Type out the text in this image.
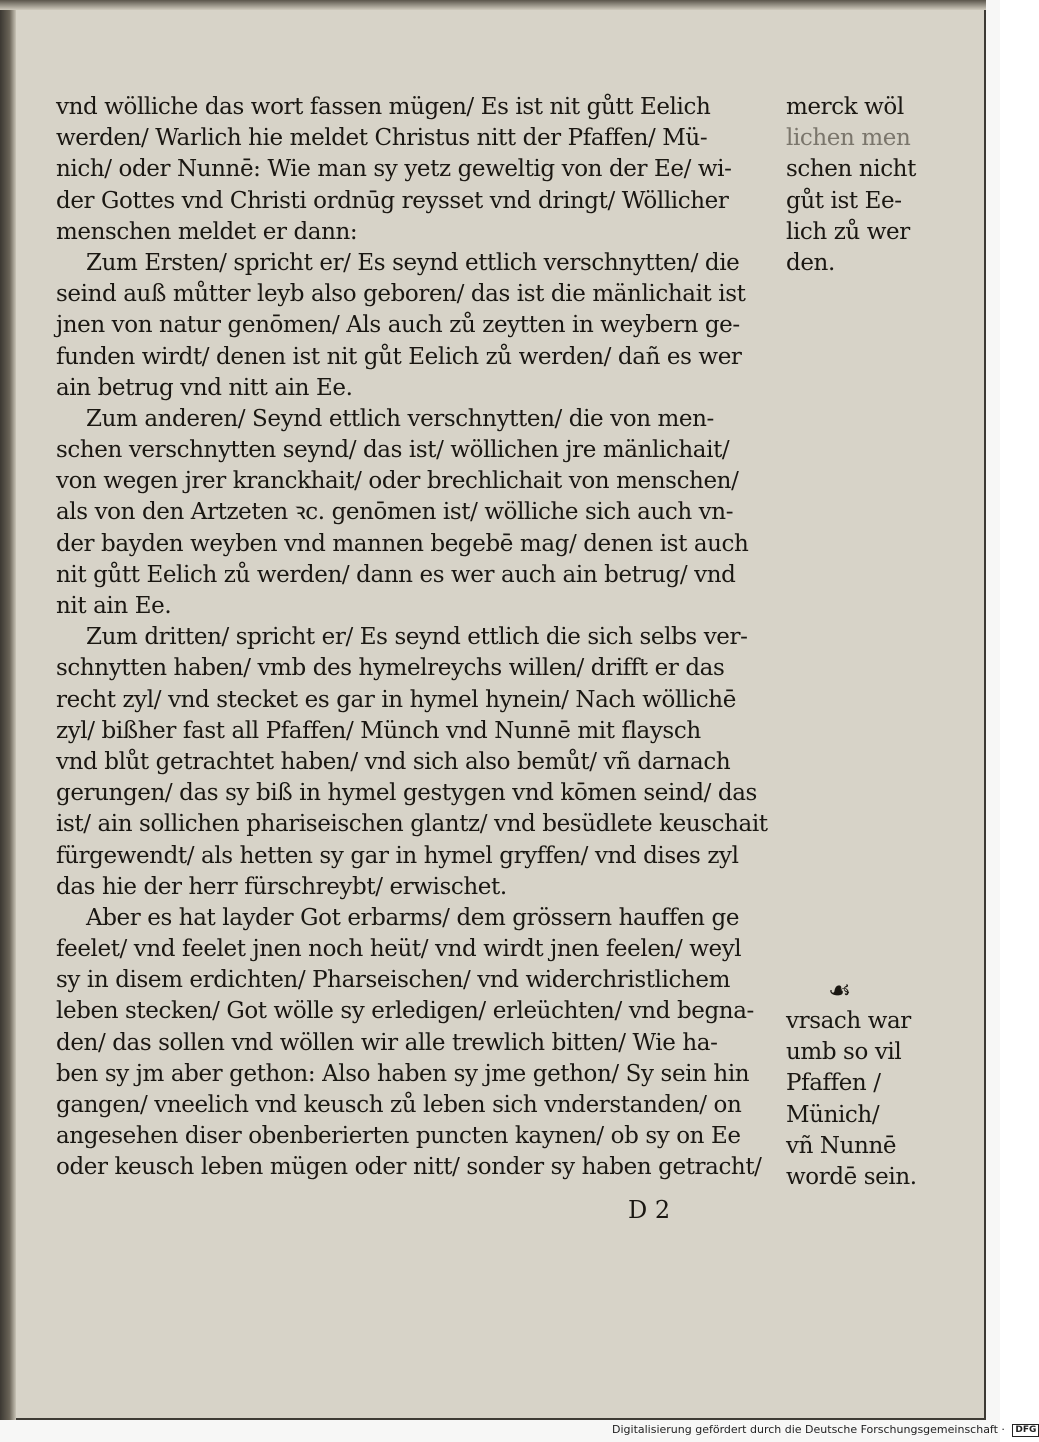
vnd wölliche das wort fassen mügen/ Es ist nit gůtt Eelich
werden/ Warlich hie meldet Christus nitt der Pfaffen/ Mü-
nich/ oder Nunnē: Wie man sy yetz geweltig von der Ee/ wi-
der Gottes vnd Christi ordnūg reysset vnd dringt/ Wöllicher
menschen meldet er dann:
Zum Ersten/ spricht er/ Es seynd ettlich verschnytten/ die
seind auß můtter leyb also geboren/ das ist die mänlichait ist
jnen von natur genōmen/ Als auch zů zeytten in weybern ge-
funden wirdt/ denen ist nit gůt Eelich zů werden/ dañ es wer
ain betrug vnd nitt ain Ee.
Zum anderen/ Seynd ettlich verschnytten/ die von men-
schen verschnytten seynd/ das ist/ wöllichen jre mänlichait/
von wegen jrer kranckhait/ oder brechlichait von menschen/
als von den Artzeten ꝛc. genōmen ist/ wölliche sich auch vn-
der bayden weyben vnd mannen begebē mag/ denen ist auch
nit gůtt Eelich zů werden/ dann es wer auch ain betrug/ vnd
nit ain Ee.
Zum dritten/ spricht er/ Es seynd ettlich die sich selbs ver-
schnytten haben/ vmb des hymelreychs willen/ drifft er das
recht zyl/ vnd stecket es gar in hymel hynein/ Nach wöllichē
zyl/ bißher fast all Pfaffen/ Münch vnd Nunnē mit flaysch
vnd blůt getrachtet haben/ vnd sich also bemůt/ vñ darnach
gerungen/ das sy biß in hymel gestygen vnd kōmen seind/ das
ist/ ain sollichen phariseischen glantz/ vnd besüdlete keuschait
fürgewendt/ als hetten sy gar in hymel gryffen/ vnd dises zyl
das hie der herr fürschreybt/ erwischet.
Aber es hat layder Got erbarms/ dem grössern hauffen ge
feelet/ vnd feelet jnen noch heüt/ vnd wirdt jnen feelen/ weyl
sy in disem erdichten/ Pharseischen/ vnd widerchristlichem
leben stecken/ Got wölle sy erledigen/ erleüchten/ vnd begna-
den/ das sollen vnd wöllen wir alle trewlich bitten/ Wie ha-
ben sy jm aber gethon: Also haben sy jme gethon/ Sy sein hin
gangen/ vneelich vnd keusch zů leben sich vnderstanden/ on
angesehen diser obenberierten puncten kaynen/ ob sy on Ee
oder keusch leben mügen oder nitt/ sonder sy haben getracht/
merck wöl
lichen men
schen nicht
gůt ist Ee-
lich zů wer
den.
☙
vrsach war
umb so vil
Pfaffen /
Münich/
vñ Nunnē
wordē sein.
D 2
Digitalisierung gefördert durch die Deutsche Forschungsgemeinschaft · DFG
